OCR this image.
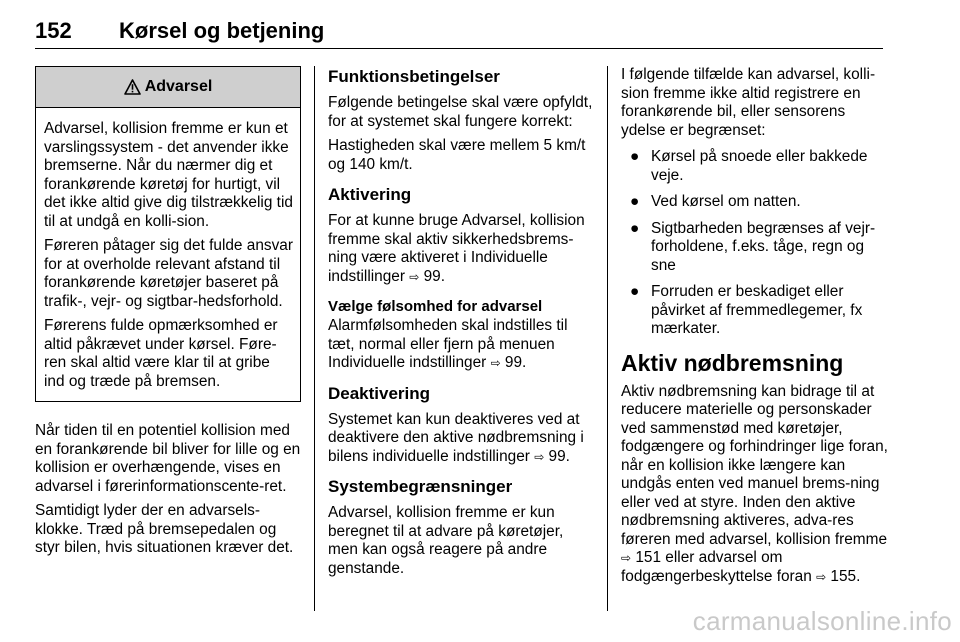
152 Kørsel og betjening
Advarsel

Advarsel, kollision fremme er kun et varslingssystem - det anvender ikke bremserne. Når du nærmer dig et forankørende køretøj for hurtigt, vil det ikke altid give dig tilstrækkelig tid til at undgå en kolli-sion.

Føreren påtager sig det fulde ansvar for at overholde relevant afstand til forankørende køretøjer baseret på trafik-, vejr- og sigtbar-hedsforhold.

Førerens fulde opmærksomhed er altid påkrævet under kørsel. Føre-ren skal altid være klar til at gribe ind og træde på bremsen.

Når tiden til en potentiel kollision med en forankørende bil bliver for lille og en kollision er overhængende, vises en advarsel i førerinformationscente-ret.

Samtidigt lyder der en advarsels-klokke. Træd på bremsepedalen og styr bilen, hvis situationen kræver det.

Funktionsbetingelser

Følgende betingelse skal være opfyldt, for at systemet skal fungere korrekt:

Hastigheden skal være mellem 5 km/t og 140 km/t.

Aktivering

For at kunne bruge Advarsel, kollision fremme skal aktiv sikkerhedsbrems-ning være aktiveret i Individuelle indstillinger ⇨ 99.

Vælge følsomhed for advarsel

Alarmfølsomheden skal indstilles til tæt, normal eller fjern på menuen Individuelle indstillinger ⇨ 99.

Deaktivering

Systemet kan kun deaktiveres ved at deaktivere den aktive nødbremsning i bilens individuelle indstillinger ⇨ 99.

Systembegrænsninger

Advarsel, kollision fremme er kun beregnet til at advare på køretøjer, men kan også reagere på andre genstande.

I følgende tilfælde kan advarsel, kolli-sion fremme ikke altid registrere en forankørende bil, eller sensorens ydelse er begrænset:

● Kørsel på snoede eller bakkede veje.
● Ved kørsel om natten.
● Sigtbarheden begrænses af vejr-forholdene, f.eks. tåge, regn og sne
● Forruden er beskadiget eller påvirket af fremmedlegemer, fx mærkater.
Aktiv nødbremsning

Aktiv nødbremsning kan bidrage til at reducere materielle og personskader ved sammenstød med køretøjer, fodgængere og forhindringer lige foran, når en kollision ikke længere kan undgås enten ved manuel brems-ning eller ved at styre. Inden den aktive nødbremsning aktiveres, adva-res føreren med advarsel, kollision fremme ⇨ 151 eller advarsel om fodgængerbeskyttelse foran ⇨ 155.

carmanualsonline.info
